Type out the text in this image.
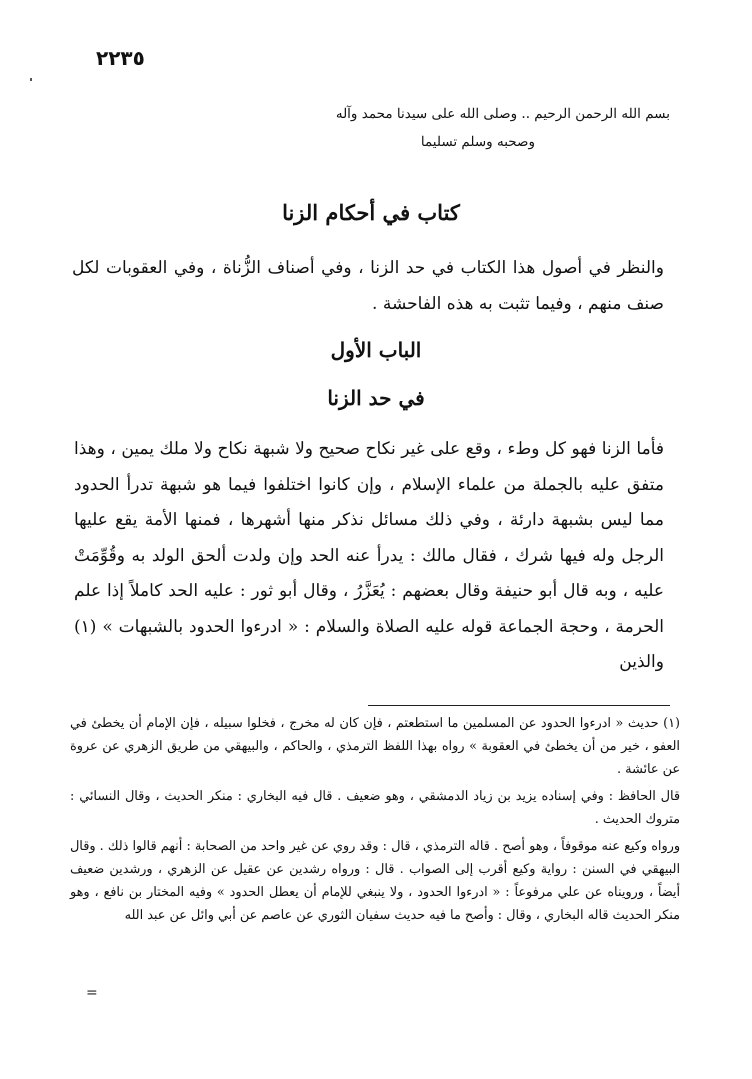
٢٢٣٥

بسم الله الرحمن الرحيم .. وصلى الله على سيدنا محمد وآله

وصحبه وسلم تسليما

كتاب في أحكام الزنا

والنظر في أصول هذا الكتاب في حد الزنا ، وفي أصناف الزُّناة ، وفي العقوبات لكل صنف منهم ، وفيما تثبت به هذه الفاحشة .

الباب الأول
في حد الزنا

فأما الزنا فهو كل وطء ، وقع على غير نكاح صحيح ولا شبهة نكاح ولا ملك يمين ، وهذا متفق عليه بالجملة من علماء الإسلام ، وإن كانوا اختلفوا فيما هو شبهة تدرأ الحدود مما ليس بشبهة دارئة ، وفي ذلك مسائل نذكر منها أشهرها ، فمنها الأمة يقع عليها الرجل وله فيها شرك ، فقال مالك : يدرأ عنه الحد وإن ولدت ألحق الولد به وقُوِّمَتْ عليه ، وبه قال أبو حنيفة وقال بعضهم : يُعَزَّرُ ، وقال أبو ثور : عليه الحد كاملاً إذا علم الحرمة ، وحجة الجماعة قوله عليه الصلاة والسلام : « ادرءوا الحدود بالشبهات » (١) والذين

(١) حديث « ادرءوا الحدود عن المسلمين ما استطعتم ، فإن كان له مخرج ، فخلوا سبيله ، فإن الإمام أن يخطئ في العفو ، خير من أن يخطئ في العقوبة » رواه بهذا اللفظ الترمذي ، والحاكم ، والبيهقي من طريق الزهري عن عروة عن عائشة .

قال الحافظ : وفي إسناده يزيد بن زياد الدمشقي ، وهو ضعيف . قال فيه البخاري : منكر الحديث ، وقال النسائي : متروك الحديث .

ورواه وكيع عنه موقوفاً ، وهو أصح . قاله الترمذي ، قال : وقد روي عن غير واحد من الصحابة : أنهم قالوا ذلك . وقال البيهقي في السنن : رواية وكيع أقرب إلى الصواب . قال : ورواه رشدين عن عقيل عن الزهري ، ورشدين ضعيف أيضاً ، ورويناه عن علي مرفوعاً : « ادرءوا الحدود ، ولا ينبغي للإمام أن يعطل الحدود » وفيه المختار بن نافع ، وهو منكر الحديث قاله البخاري ، وقال : وأصح ما فيه حديث سفيان الثوري عن عاصم عن أبي وائل عن عبد الله

=
